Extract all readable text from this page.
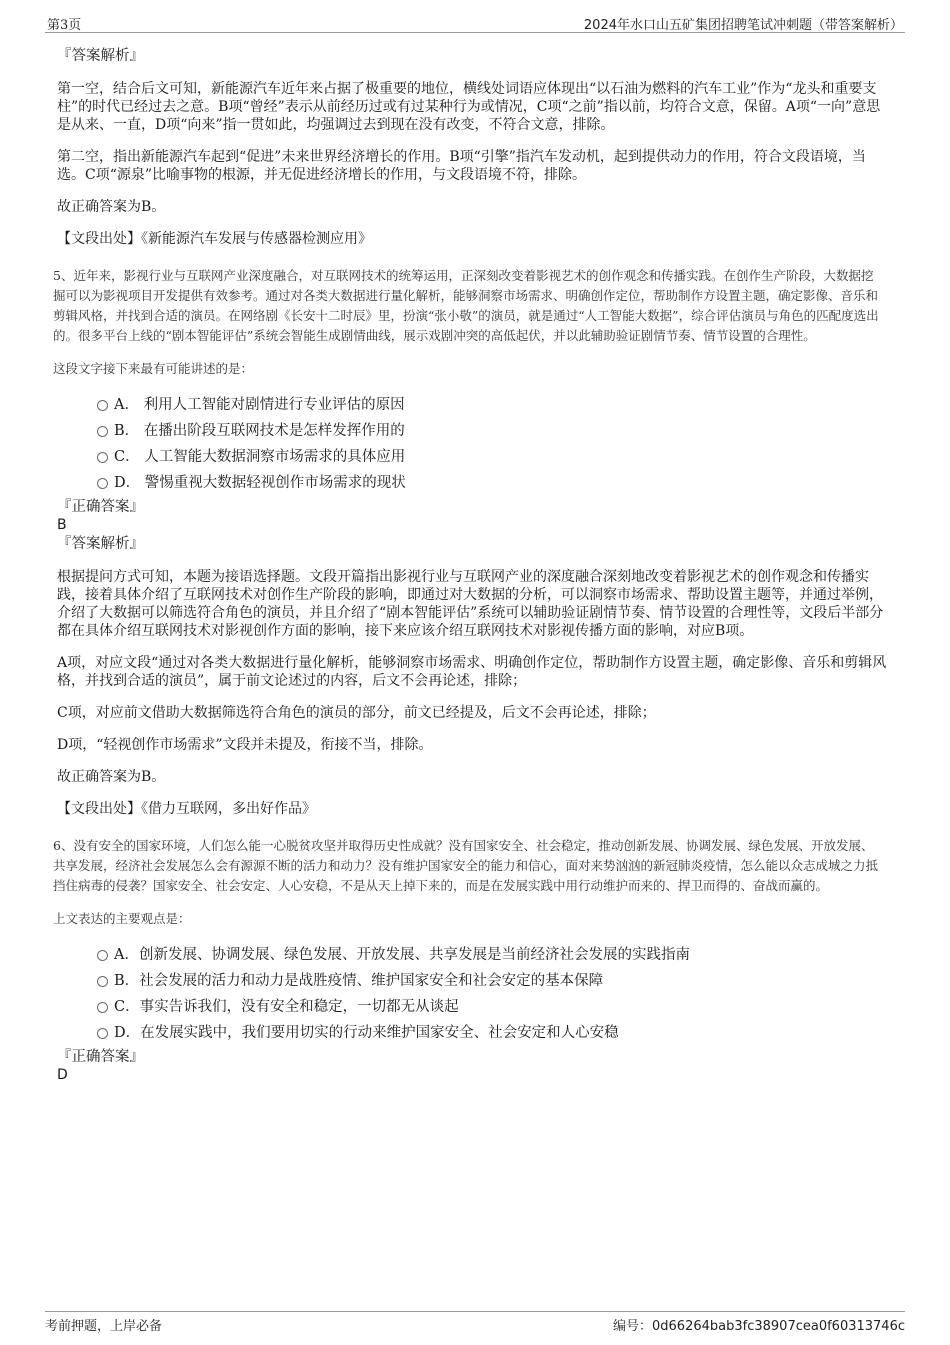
第3页	2024年水口山五矿集团招聘笔试冲刺题（带答案解析）

『答案解析』

第一空，结合后文可知，新能源汽车近年来占据了极重要的地位，横线处词语应体现出“以石油为燃料的汽车工业”作为“龙头和重要支柱”的时代已经过去之意。B项“曾经”表示从前经历过或有过某种行为或情况，C项“之前”指以前，均符合文意，保留。A项“一向”意思是从来、一直，D项“向来”指一贯如此，均强调过去到现在没有改变，不符合文意，排除。

第二空，指出新能源汽车起到“促进”未来世界经济增长的作用。B项“引擎”指汽车发动机，起到提供动力的作用，符合文段语境，当选。C项“源泉”比喻事物的根源，并无促进经济增长的作用，与文段语境不符，排除。

故正确答案为B。

【文段出处】《新能源汽车发展与传感器检测应用》

5、近年来，影视行业与互联网产业深度融合，对互联网技术的统筹运用，正深刻改变着影视艺术的创作观念和传播实践。在创作生产阶段，大数据挖掘可以为影视项目开发提供有效参考。通过对各类大数据进行量化解析，能够洞察市场需求、明确创作定位，帮助制作方设置主题，确定影像、音乐和剪辑风格，并找到合适的演员。在网络剧《长安十二时辰》里，扮演“张小敬”的演员，就是通过“人工智能大数据”，综合评估演员与角色的匹配度选出的。很多平台上线的“剧本智能评估”系统会智能生成剧情曲线，展示戏剧冲突的高低起伏，并以此辅助验证剧情节奏、情节设置的合理性。

这段文字接下来最有可能讲述的是：

A． 利用人工智能对剧情进行专业评估的原因
B． 在播出阶段互联网技术是怎样发挥作用的
C． 人工智能大数据洞察市场需求的具体应用
D． 警惕重视大数据轻视创作市场需求的现状

『正确答案』

B

『答案解析』

根据提问方式可知，本题为接语选择题。文段开篇指出影视行业与互联网产业的深度融合深刻地改变着影视艺术的创作观念和传播实践，接着具体介绍了互联网技术对创作生产阶段的影响，即通过对大数据的分析，可以洞察市场需求、帮助设置主题等，并通过举例，介绍了大数据可以筛选符合角色的演员，并且介绍了“剧本智能评估”系统可以辅助验证剧情节奏、情节设置的合理性等，文段后半部分都在具体介绍互联网技术对影视创作方面的影响，接下来应该介绍互联网技术对影视传播方面的影响，对应B项。

A项，对应文段“通过对各类大数据进行量化解析，能够洞察市场需求、明确创作定位，帮助制作方设置主题，确定影像、音乐和剪辑风格，并找到合适的演员”，属于前文论述过的内容，后文不会再论述，排除；

C项，对应前文借助大数据筛选符合角色的演员的部分，前文已经提及，后文不会再论述，排除；

D项，“轻视创作市场需求”文段并未提及，衔接不当，排除。

故正确答案为B。

【文段出处】《借力互联网，多出好作品》

6、没有安全的国家环境，人们怎么能一心脱贫攻坚并取得历史性成就？没有国家安全、社会稳定，推动创新发展、协调发展、绿色发展、开放发展、共享发展，经济社会发展怎么会有源源不断的活力和动力？没有维护国家安全的能力和信心，面对来势汹汹的新冠肺炎疫情，怎么能以众志成城之力抵挡住病毒的侵袭？国家安全、社会安定、人心安稳，不是从天上掉下来的，而是在发展实践中用行动维护而来的、捍卫而得的、奋战而赢的。

上文表达的主要观点是：

A．创新发展、协调发展、绿色发展、开放发展、共享发展是当前经济社会发展的实践指南
B．社会发展的活力和动力是战胜疫情、维护国家安全和社会安定的基本保障
C．事实告诉我们，没有安全和稳定，一切都无从谈起
D．在发展实践中，我们要用切实的行动来维护国家安全、社会安定和人心安稳

『正确答案』

D

考前押题，上岸必备	编号：0d66264bab3fc38907cea0f60313746c
